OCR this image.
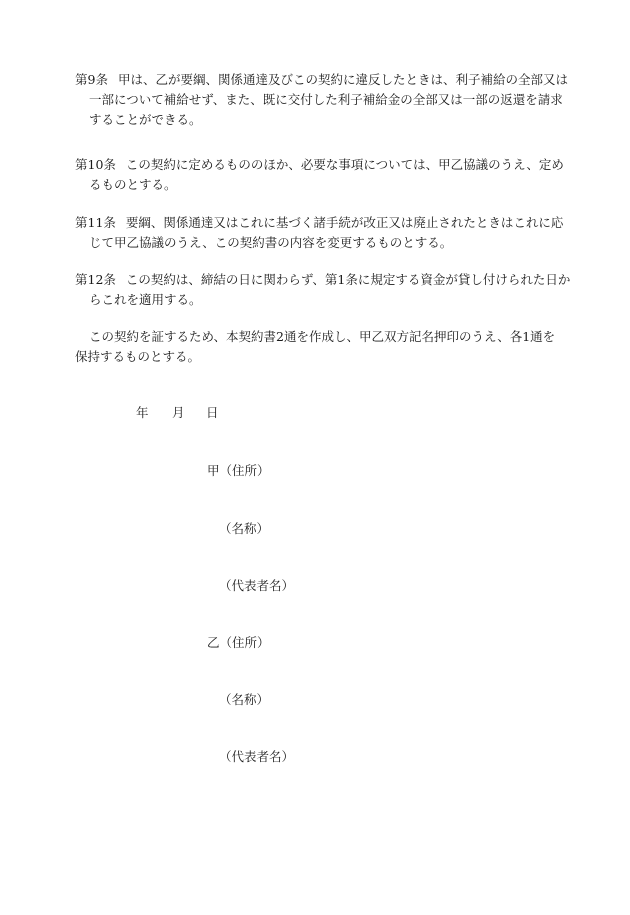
第9条 甲は、乙が要綱、関係通達及びこの契約に違反したときは、利子補給の全部又は一部について補給せず、また、既に交付した利子補給金の全部又は一部の返還を請求することができる。

第10条 この契約に定めるもののほか、必要な事項については、甲乙協議のうえ、定めるものとする。

第11条 要綱、関係通達又はこれに基づく諸手続が改正又は廃止されたときはこれに応じて甲乙協議のうえ、この契約書の内容を変更するものとする。

第12条 この契約は、締結の日に関わらず、第1条に規定する資金が貸し付けられた日からこれを適用する。

この契約を証するため、本契約書2通を作成し、甲乙双方記名押印のうえ、各1通を保持するものとする。

年 月 日

甲（住所）

（名称）

（代表者名）

乙（住所）

（名称）

（代表者名）
